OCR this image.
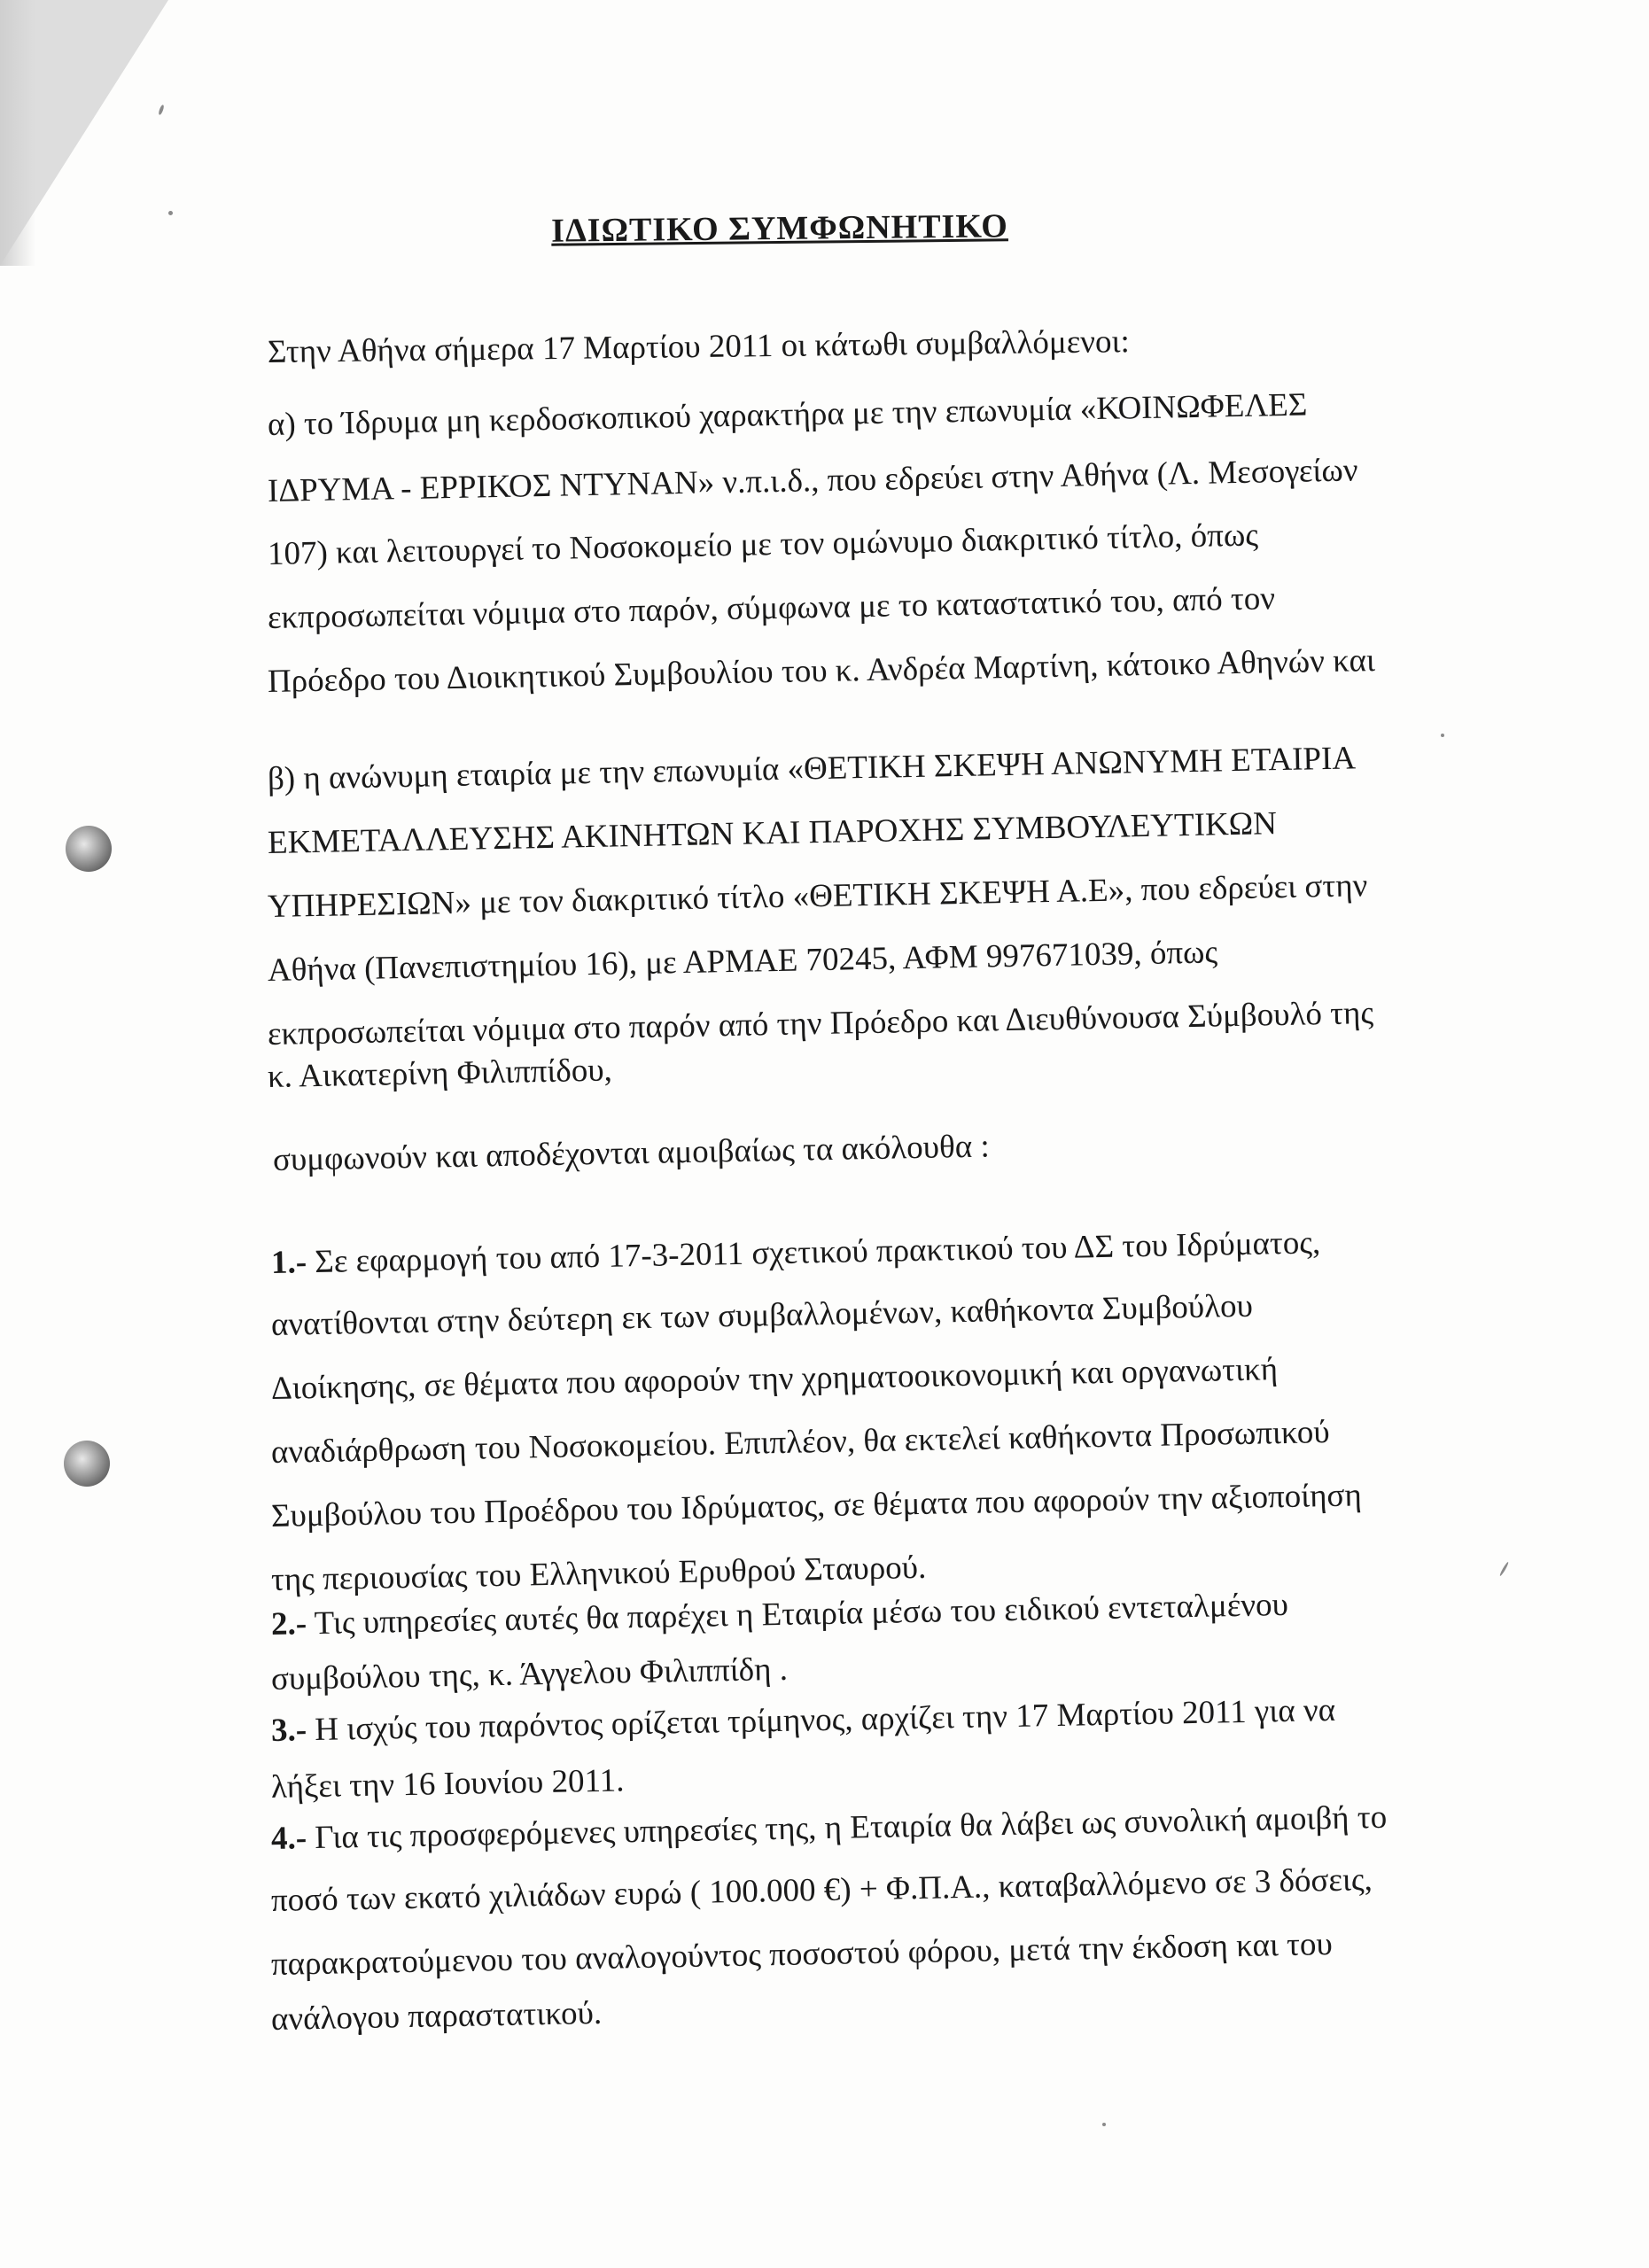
ΙΔΙΩΤΙΚΟ ΣΥΜΦΩΝΗΤΙΚΟ
Στην Αθήνα σήμερα 17 Μαρτίου 2011 οι κάτωθι συμβαλλόμενοι:
α) το Ίδρυμα μη κερδοσκοπικού χαρακτήρα με την επωνυμία «ΚΟΙΝΩΦΕΛΕΣ
ΙΔΡΥΜΑ - ΕΡΡΙΚΟΣ ΝΤΥΝΑΝ» ν.π.ι.δ., που εδρεύει στην Αθήνα (Λ. Μεσογείων
107) και λειτουργεί το Νοσοκομείο με τον ομώνυμο διακριτικό τίτλο, όπως
εκπροσωπείται νόμιμα στο παρόν, σύμφωνα με το καταστατικό του, από τον
Πρόεδρο του Διοικητικού Συμβουλίου του κ. Ανδρέα Μαρτίνη, κάτοικο Αθηνών και
β) η ανώνυμη εταιρία με την επωνυμία «ΘΕΤΙΚΗ ΣΚΕΨΗ ΑΝΩΝΥΜΗ ΕΤΑΙΡΙΑ
ΕΚΜΕΤΑΛΛΕΥΣΗΣ ΑΚΙΝΗΤΩΝ ΚΑΙ ΠΑΡΟΧΗΣ ΣΥΜΒΟΥΛΕΥΤΙΚΩΝ
ΥΠΗΡΕΣΙΩΝ» με τον διακριτικό τίτλο «ΘΕΤΙΚΗ ΣΚΕΨΗ Α.Ε», που εδρεύει στην
Αθήνα (Πανεπιστημίου 16), με ΑΡΜΑΕ 70245, ΑΦΜ 997671039, όπως
εκπροσωπείται νόμιμα στο παρόν από την Πρόεδρο και Διευθύνουσα Σύμβουλό της
κ. Αικατερίνη Φιλιππίδου,
συμφωνούν και αποδέχονται αμοιβαίως τα ακόλουθα :
1.- Σε εφαρμογή του από 17-3-2011 σχετικού πρακτικού του ΔΣ του Ιδρύματος,
ανατίθονται στην δεύτερη εκ των συμβαλλομένων, καθήκοντα Συμβούλου
Διοίκησης, σε θέματα που αφορούν την χρηματοοικονομική και οργανωτική
αναδιάρθρωση του Νοσοκομείου. Επιπλέον, θα εκτελεί καθήκοντα Προσωπικού
Συμβούλου του Προέδρου του Ιδρύματος, σε θέματα που αφορούν την αξιοποίηση
της περιουσίας του Ελληνικού Ερυθρού Σταυρού.
2.- Τις υπηρεσίες αυτές θα παρέχει η Εταιρία μέσω του ειδικού εντεταλμένου
συμβούλου της, κ. Άγγελου Φιλιππίδη .
3.- Η ισχύς του παρόντος ορίζεται τρίμηνος, αρχίζει την 17 Μαρτίου 2011 για να
λήξει την 16 Ιουνίου 2011.
4.- Για τις προσφερόμενες υπηρεσίες της, η Εταιρία θα λάβει ως συνολική αμοιβή το
ποσό των εκατό χιλιάδων ευρώ ( 100.000 €) + Φ.Π.Α., καταβαλλόμενο σε 3 δόσεις,
παρακρατούμενου του αναλογούντος ποσοστού φόρου, μετά την έκδοση και του
ανάλογου παραστατικού.
